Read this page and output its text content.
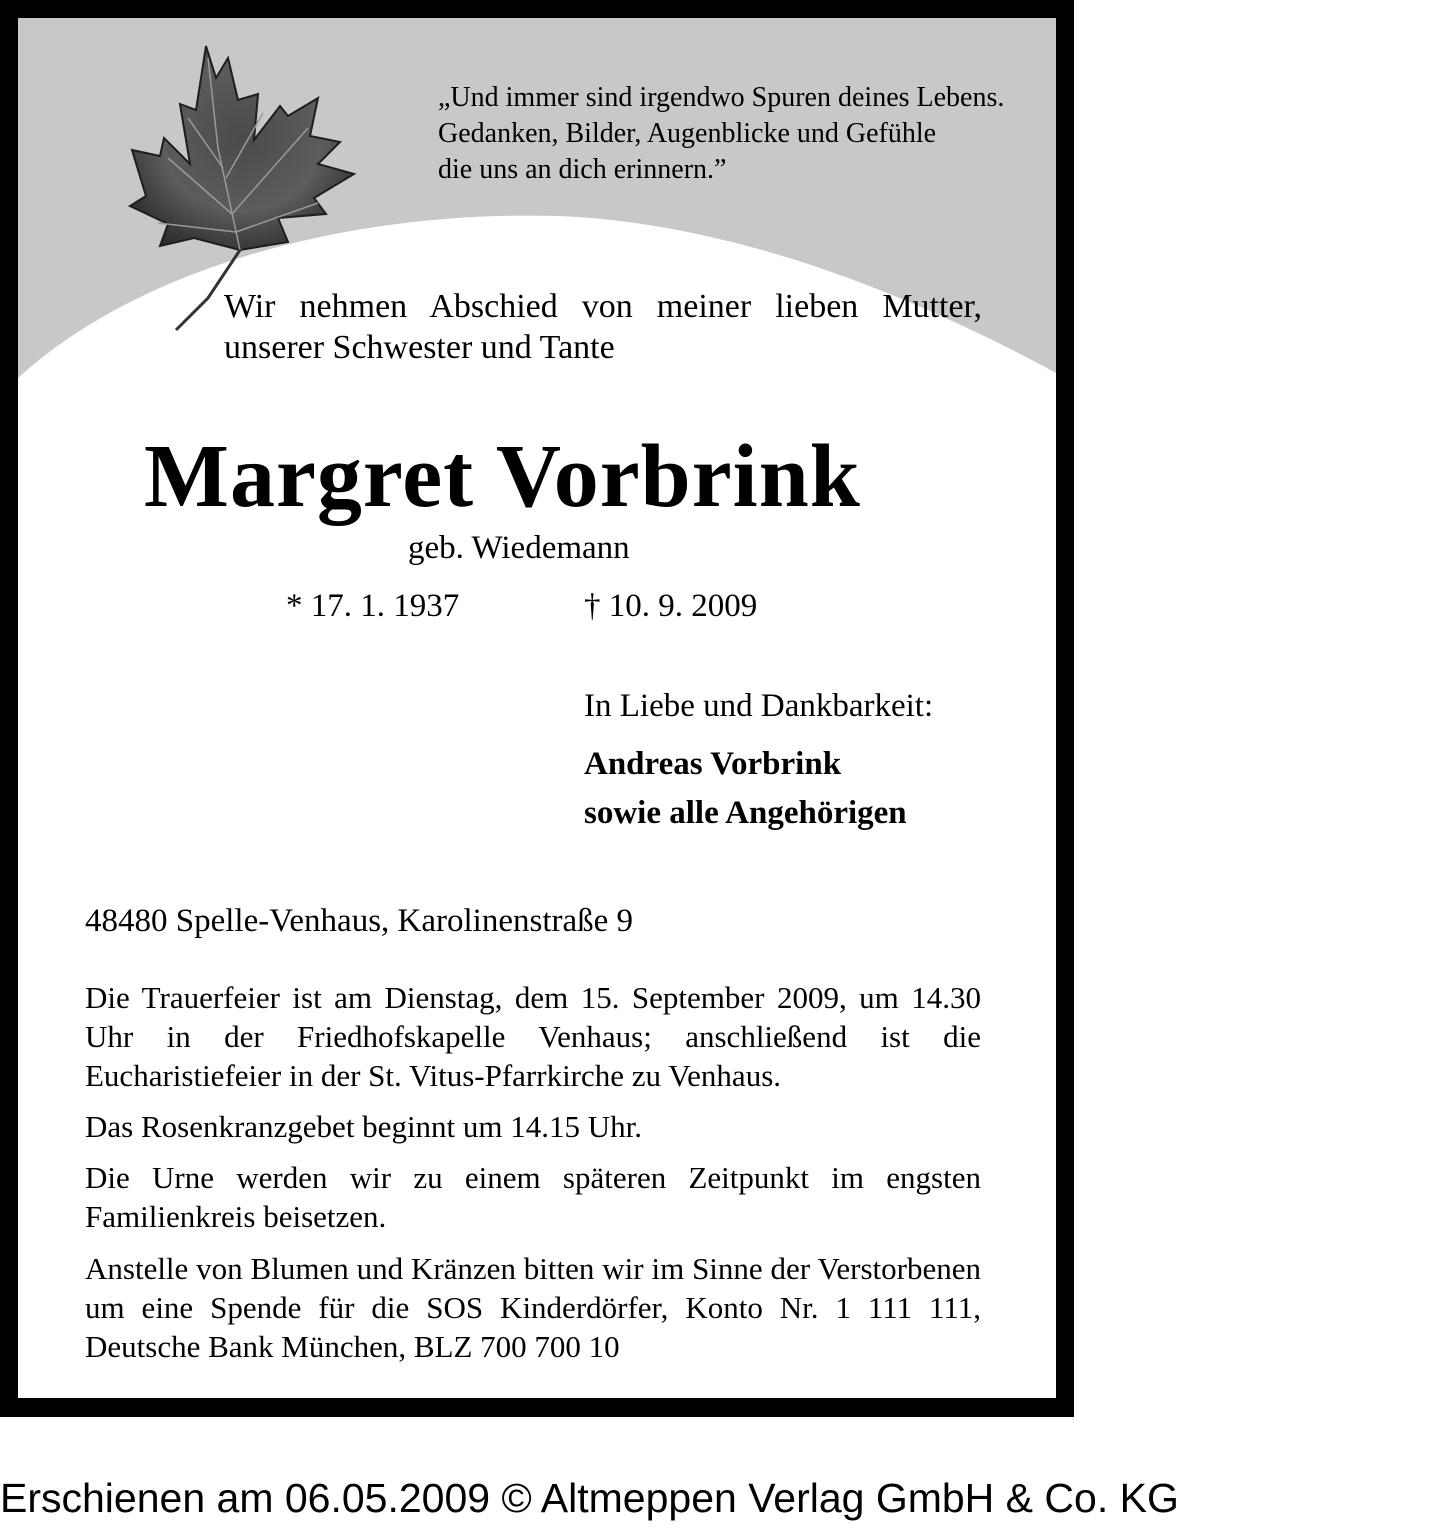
„Und immer sind irgendwo Spuren deines Lebens.
Gedanken, Bilder, Augenblicke und Gefühle
die uns an dich erinnern.”
Wir nehmen Abschied von meiner lieben Mutter,
unserer Schwester und Tante
Margret Vorbrink
geb. Wiedemann
* 17. 1. 1937	† 10. 9. 2009
In Liebe und Dankbarkeit:
Andreas Vorbrink
sowie alle Angehörigen
48480 Spelle-Venhaus, Karolinenstraße 9
Die Trauerfeier ist am Dienstag, dem 15. September 2009, um 14.30 Uhr in der Friedhofskapelle Venhaus; anschließend ist die Eucharistiefeier in der St. Vitus-Pfarrkirche zu Venhaus.
Das Rosenkranzgebet beginnt um 14.15 Uhr.
Die Urne werden wir zu einem späteren Zeitpunkt im engsten Familienkreis beisetzen.
Anstelle von Blumen und Kränzen bitten wir im Sinne der Verstorbenen um eine Spende für die SOS Kinderdörfer, Konto Nr. 1 111 111, Deutsche Bank München, BLZ 700 700 10
Erschienen am 06.05.2009 © Altmeppen Verlag GmbH & Co. KG
